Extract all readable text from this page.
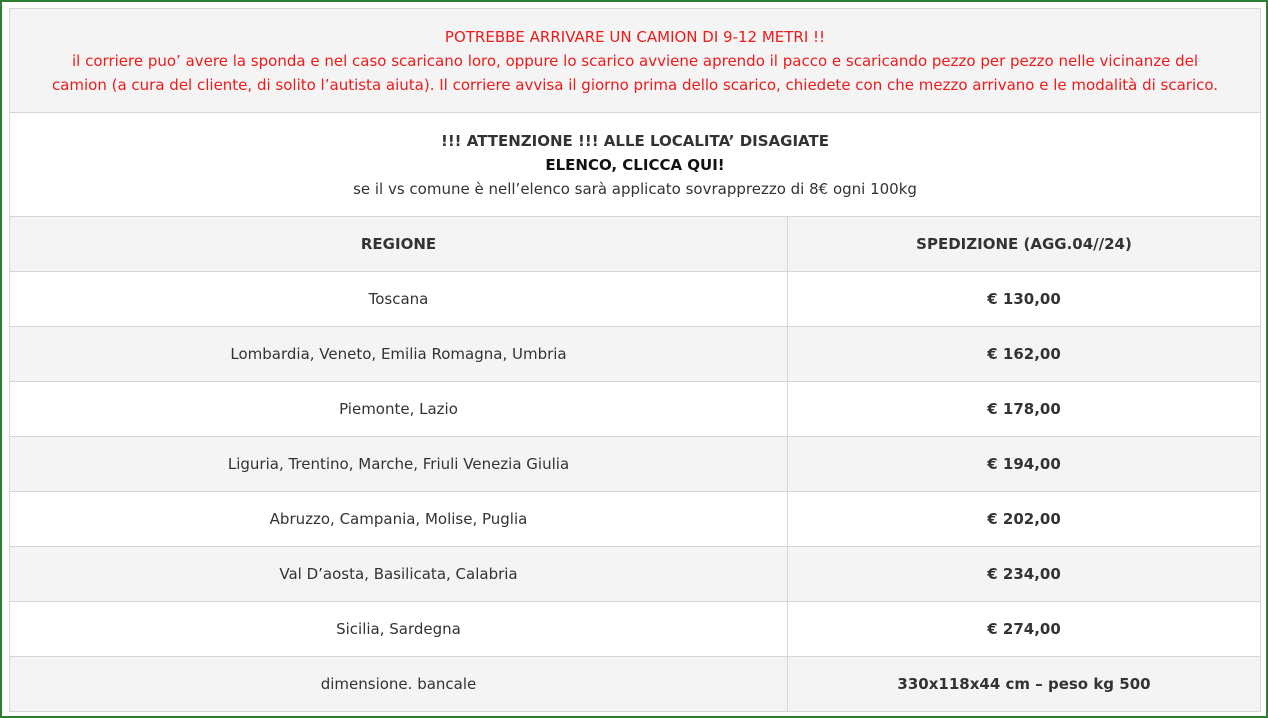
POTREBBE ARRIVARE UN CAMION DI 9-12 METRI !!
il corriere puo’ avere la sponda e nel caso scaricano loro, oppure lo scarico avviene aprendo il pacco e scaricando pezzo per pezzo nelle vicinanze del
camion (a cura del cliente, di solito l’autista aiuta). Il corriere avvisa il giorno prima dello scarico, chiedete con che mezzo arrivano e le modalità di scarico.	

!!! ATTENZIONE !!! ALLE LOCALITA’ DISAGIATE
ELENCO, CLICCA QUI!
se il vs comune è nell’elenco sarà applicato sovrapprezzo di 8€ ogni 100kg	

REGIONE	SPEDIZIONE (AGG.04//24)
Toscana	€ 130,00
Lombardia, Veneto, Emilia Romagna, Umbria	€ 162,00
Piemonte, Lazio	€ 178,00
Liguria, Trentino, Marche, Friuli Venezia Giulia	€ 194,00
Abruzzo, Campania, Molise, Puglia	€ 202,00
Val D’aosta, Basilicata, Calabria	€ 234,00
Sicilia, Sardegna	€ 274,00
dimensione. bancale	330x118x44 cm – peso kg 500
